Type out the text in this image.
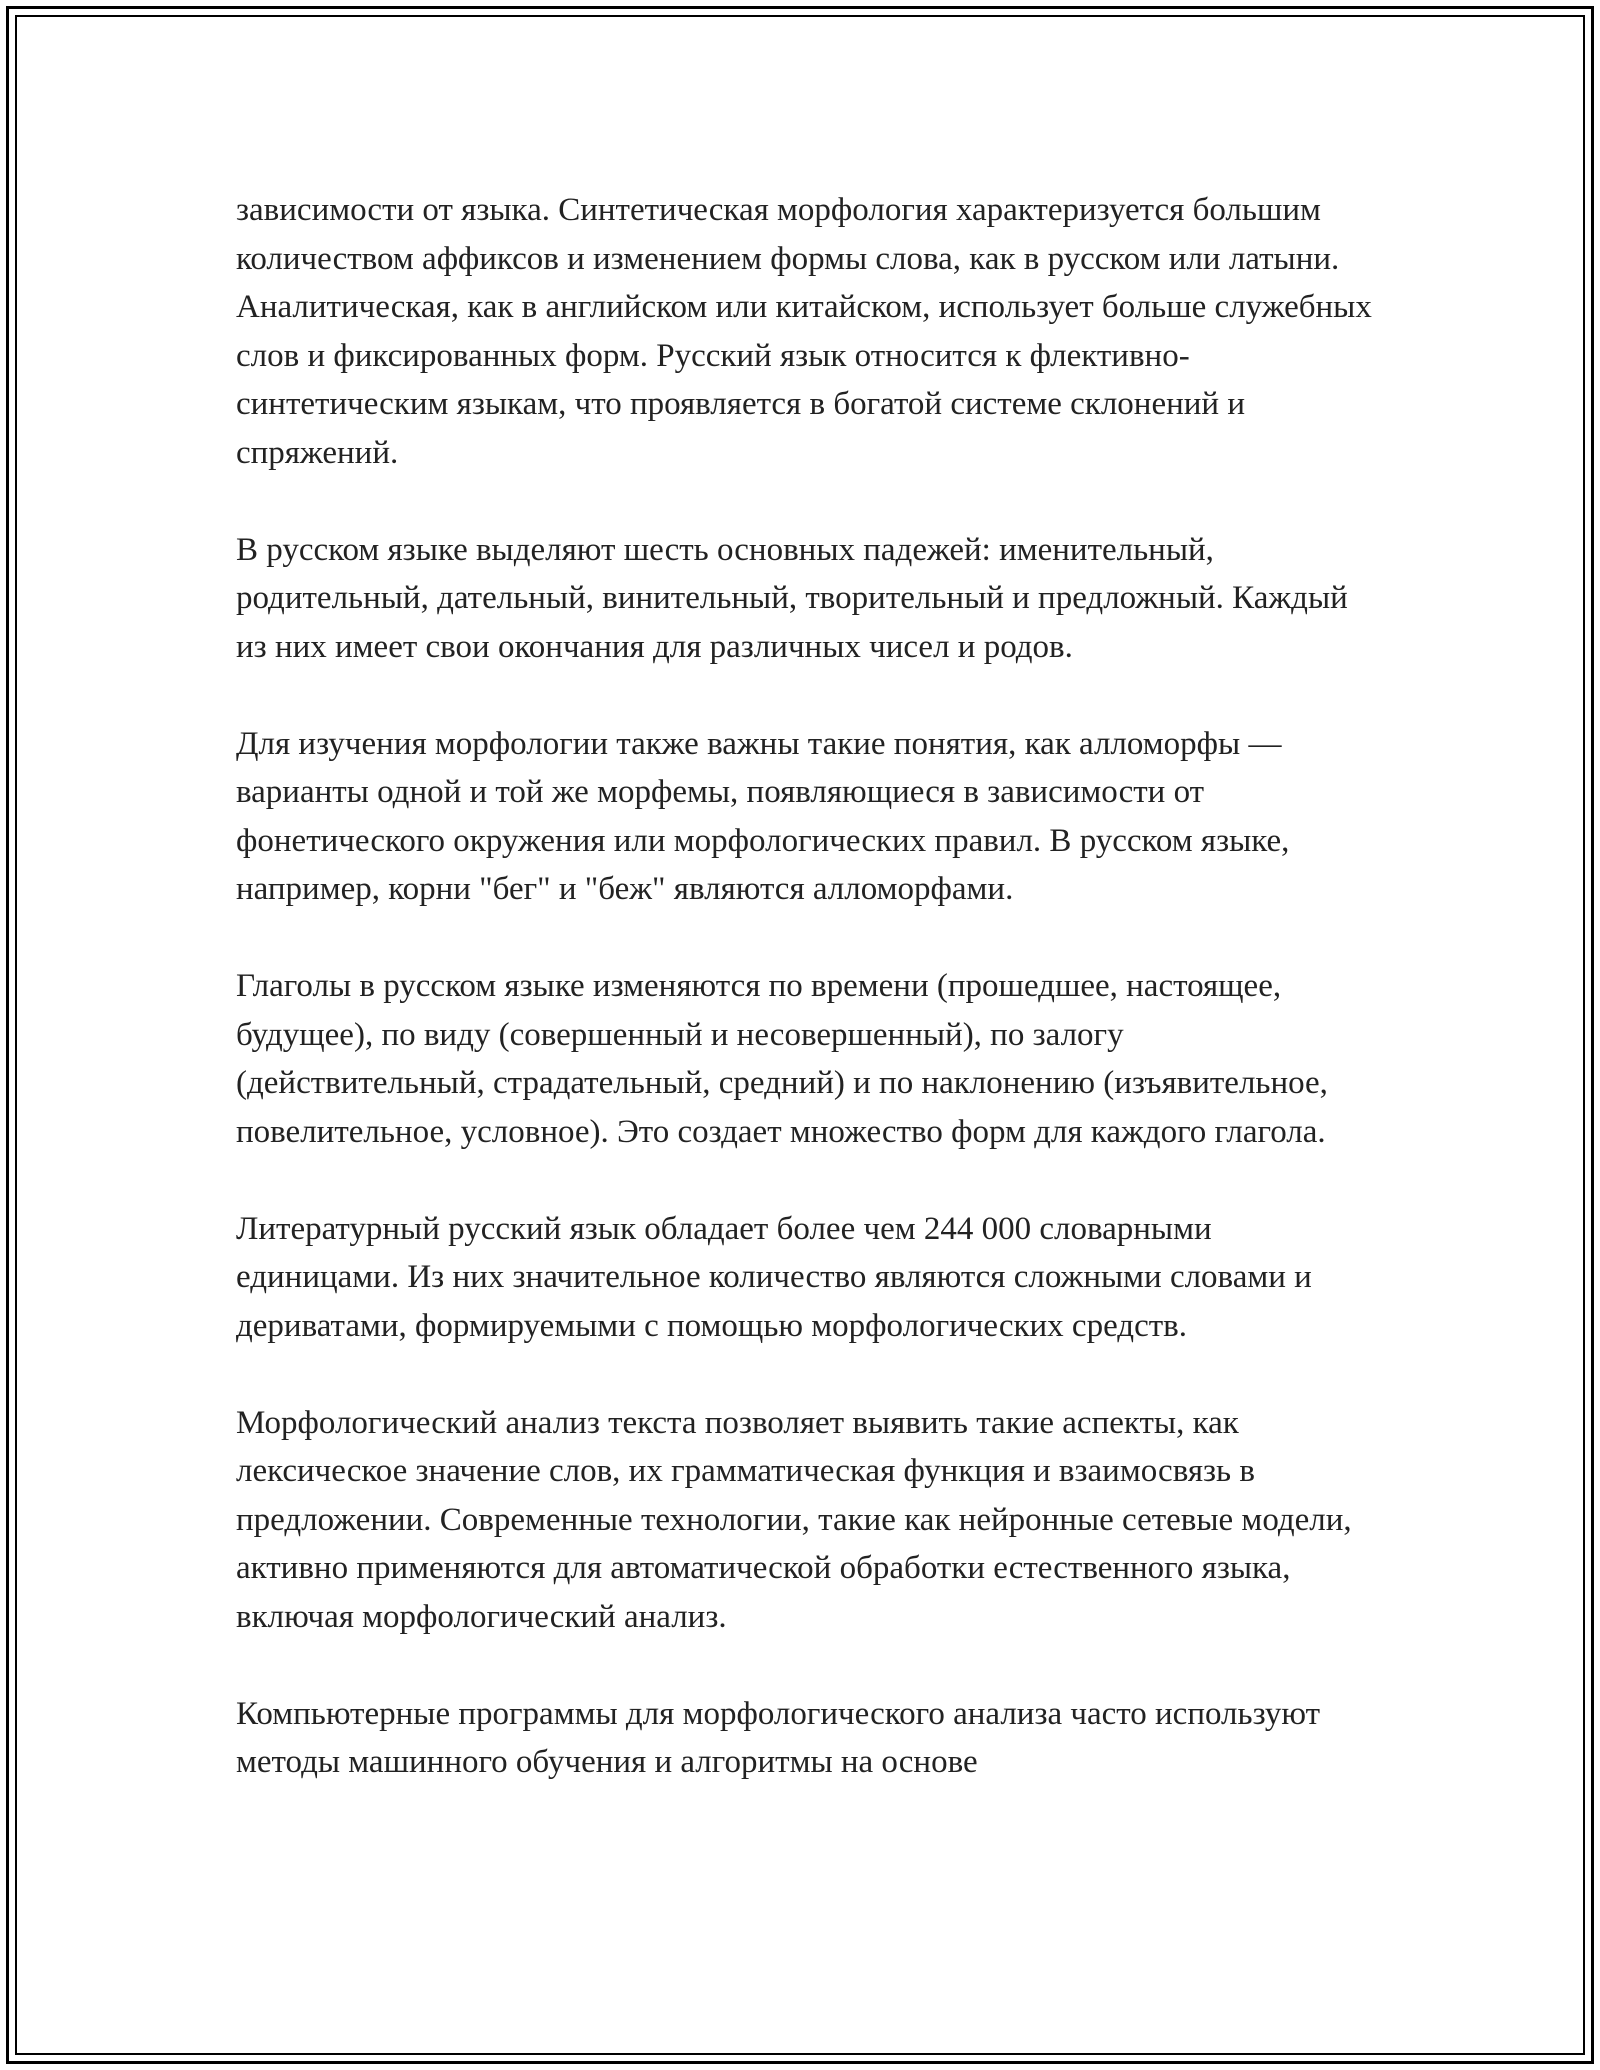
зависимости от языка. Синтетическая морфология характеризуется большим количеством аффиксов и изменением формы слова, как в русском или латыни. Аналитическая, как в английском или китайском, использует больше служебных слов и фиксированных форм. Русский язык относится к флективно-синтетическим языкам, что проявляется в богатой системе склонений и спряжений.

В русском языке выделяют шесть основных падежей: именительный, родительный, дательный, винительный, творительный и предложный. Каждый из них имеет свои окончания для различных чисел и родов.

Для изучения морфологии также важны такие понятия, как алломорфы — варианты одной и той же морфемы, появляющиеся в зависимости от фонетического окружения или морфологических правил. В русском языке, например, корни "бег" и "беж" являются алломорфами.

Глаголы в русском языке изменяются по времени (прошедшее, настоящее, будущее), по виду (совершенный и несовершенный), по залогу (действительный, страдательный, средний) и по наклонению (изъявительное, повелительное, условное). Это создает множество форм для каждого глагола.

Литературный русский язык обладает более чем 244 000 словарными единицами. Из них значительное количество являются сложными словами и дериватами, формируемыми с помощью морфологических средств.

Морфологический анализ текста позволяет выявить такие аспекты, как лексическое значение слов, их грамматическая функция и взаимосвязь в предложении. Современные технологии, такие как нейронные сетевые модели, активно применяются для автоматической обработки естественного языка, включая морфологический анализ.

Компьютерные программы для морфологического анализа часто используют методы машинного обучения и алгоритмы на основе
